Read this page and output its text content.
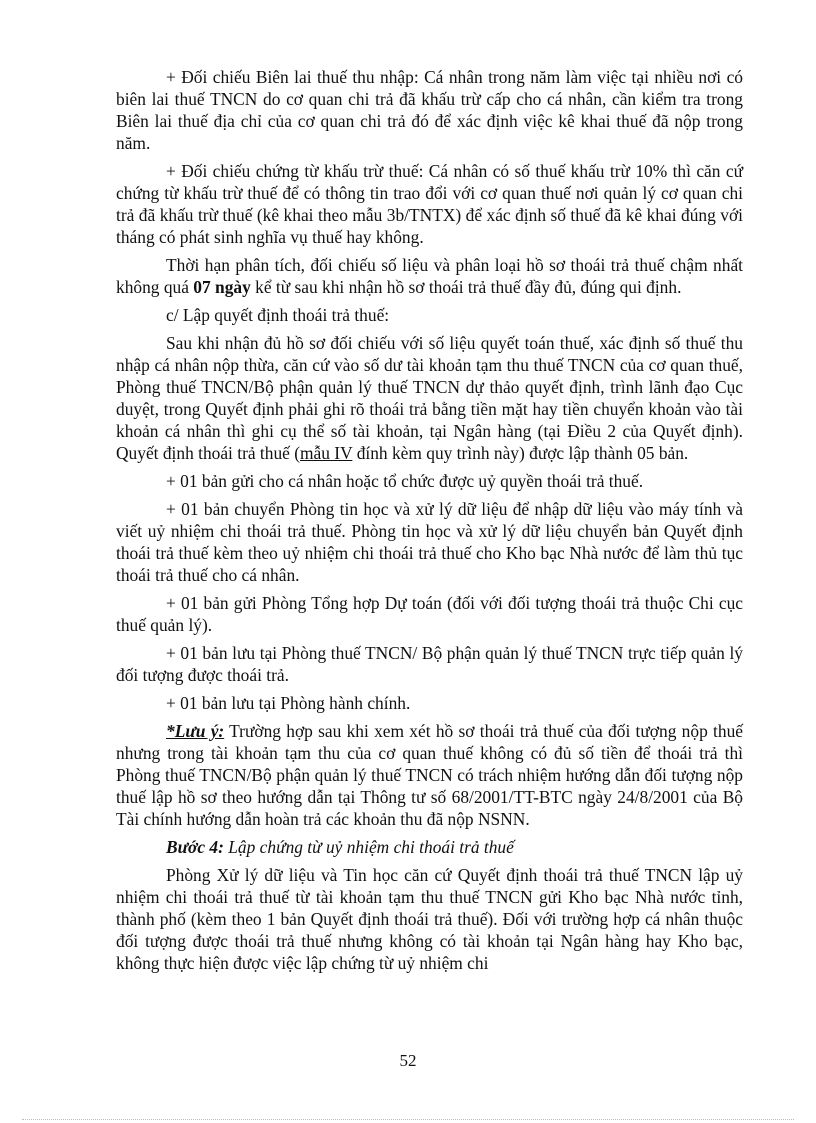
+ Đối chiếu Biên lai thuế thu nhập: Cá nhân trong năm làm việc tại nhiều nơi có biên lai thuế TNCN do cơ quan chi trả đã khấu trừ cấp cho cá nhân, cần kiểm tra trong Biên lai thuế địa chỉ của cơ quan chi trả đó để xác định việc kê khai thuế đã nộp trong năm.

+ Đối chiếu chứng từ khấu trừ thuế: Cá nhân có số thuế khấu trừ 10% thì căn cứ chứng từ khấu trừ thuế để có thông tin trao đổi với cơ quan thuế nơi quản lý cơ quan chi trả đã khấu trừ thuế (kê khai theo mẫu 3b/TNTX) để xác định số thuế đã kê khai đúng với tháng có phát sinh nghĩa vụ thuế hay không.

Thời hạn phân tích, đối chiếu số liệu và phân loại hồ sơ thoái trả thuế chậm nhất không quá 07 ngày kể từ sau khi nhận hồ sơ thoái trả thuế đầy đủ, đúng qui định.

c/ Lập quyết định thoái trả thuế:

Sau khi nhận đủ hồ sơ đối chiếu với số liệu quyết toán thuế, xác định số thuế thu nhập cá nhân nộp thừa, căn cứ vào số dư tài khoản tạm thu thuế TNCN của cơ quan thuế, Phòng thuế TNCN/Bộ phận quản lý thuế TNCN dự thảo quyết định, trình lãnh đạo Cục duyệt, trong Quyết định phải ghi rõ thoái trả bằng tiền mặt hay tiền chuyển khoản vào tài khoản cá nhân thì ghi cụ thể số tài khoản, tại Ngân hàng (tại Điều 2 của Quyết định). Quyết định thoái trả thuế (mẫu IV đính kèm quy trình này) được lập thành 05 bản.

+ 01 bản gửi cho cá nhân hoặc tổ chức được uỷ quyền thoái trả thuế.

+ 01 bản chuyển Phòng tin học và xử lý dữ liệu để nhập dữ liệu vào máy tính và viết uỷ nhiệm chi thoái trả thuế. Phòng tin học và xử lý dữ liệu chuyển bản Quyết định thoái trả thuế kèm theo uỷ nhiệm chi thoái trả thuế cho Kho bạc Nhà nước để làm thủ tục thoái trả thuế cho cá nhân.

+ 01 bản gửi Phòng Tổng hợp Dự toán (đối với đối tượng thoái trả thuộc Chi cục thuế quản lý).

+ 01 bản lưu tại Phòng thuế TNCN/ Bộ phận quản lý thuế TNCN trực tiếp quản lý đối tượng được thoái trả.

+ 01 bản lưu tại Phòng hành chính.

*Lưu ý: Trường hợp sau khi xem xét hồ sơ thoái trả thuế của đối tượng nộp thuế nhưng trong tài khoản tạm thu của cơ quan thuế không có đủ số tiền để thoái trả thì Phòng thuế TNCN/Bộ phận quản lý thuế TNCN có trách nhiệm hướng dẫn đối tượng nộp thuế lập hồ sơ theo hướng dẫn tại Thông tư số 68/2001/TT-BTC ngày 24/8/2001 của Bộ Tài chính hướng dẫn hoàn trả các khoản thu đã nộp NSNN.

Bước 4: Lập chứng từ uỷ nhiệm chi thoái trả thuế

Phòng Xử lý dữ liệu và Tin học căn cứ Quyết định thoái trả thuế TNCN lập uỷ nhiệm chi thoái trả thuế từ tài khoản tạm thu thuế TNCN gửi Kho bạc Nhà nước tỉnh, thành phố (kèm theo 1 bản Quyết định thoái trả thuế). Đối với trường hợp cá nhân thuộc đối tượng được thoái trả thuế nhưng không có tài khoản tại Ngân hàng hay Kho bạc, không thực hiện được việc lập chứng từ uỷ nhiệm chi

52
